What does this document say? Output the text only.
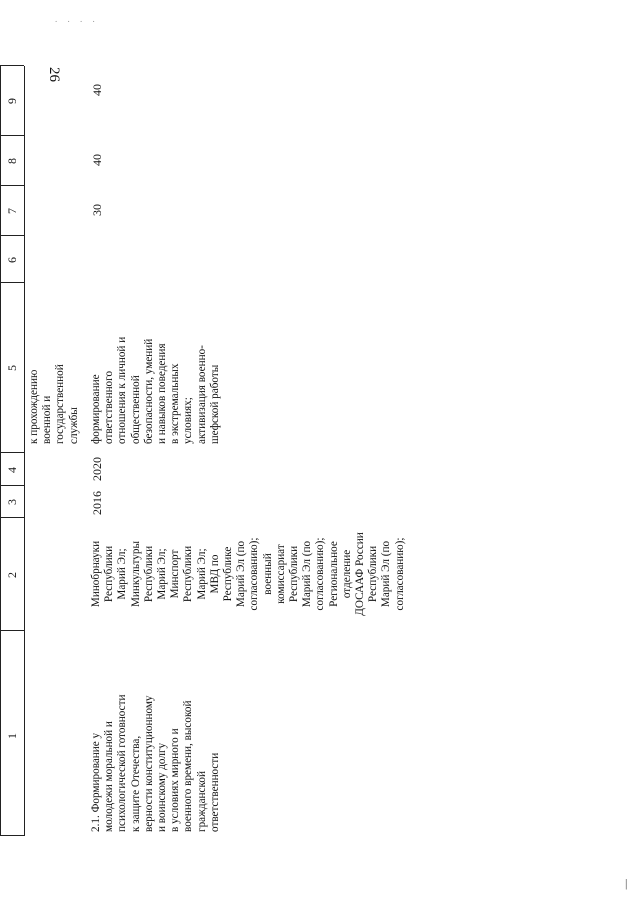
26
1
2
3
4
5
6
7
8
9
к прохождению
военной и
государственной
службы
2.1. Формирование у
молодежи моральной и
психологической готовности
к защите Отечества,
верности конституционному
и воинскому долгу
в условиях мирного и
военного времени, высокой
гражданской
ответственности
Минобрнауки
Республики
Марий Эл;
Минкультуры
Республики
Марий Эл;
Минспорт
Республики
Марий Эл;
МВД по
Республике
Марий Эл (по
согласованию);
военный
комиссариат
Республики
Марий Эл (по
согласованию);
Региональное
отделение
ДОСААФ России
Республики
Марий Эл (по
согласованию);
2016
2020
формирование
ответственного
отношения к личной и
общественной
безопасности, умений
и навыков поведения
в экстремальных
условиях;
активизация военно-
шефской работы
30
40
40
. . . .
|
